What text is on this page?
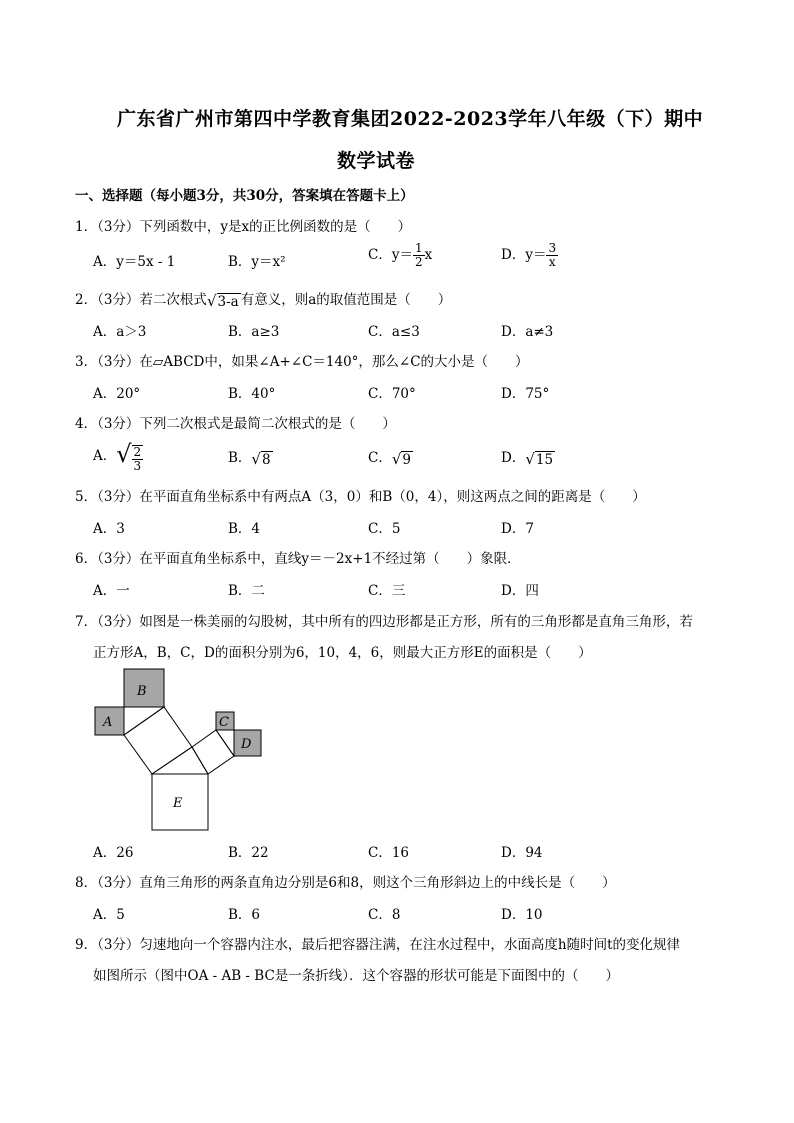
广东省广州市第四中学教育集团2022-2023学年八年级（下）期中
数学试卷
一、选择题（每小题3分，共30分，答案填在答题卡上）
1．（3分）下列函数中，y是x的正比例函数的是（　　）
A．y＝5x - 1	B．y＝x²	C．$y= \frac{1}{2}$ x	D．$y= \frac{3}{x}$
2．（3分）若二次根式√3-a 有意义，则a的取值范围是（　　）
A．a＞3	B．a≥3	C．a≤3	D．a≠3
3．（3分）在▱ABCD中，如果∠A+∠C＝140°，那么∠C的大小是（　　）
A．20°	B．40°	C．70°	D．75°
4．（3分）下列二次根式是最简二次根式的是（　　）
A．√ $\frac{2}{3}$	B．√8	C．√9	D．√15
5．（3分）在平面直角坐标系中有两点A（3，0）和B（0，4），则这两点之间的距离是（　　）
A．3	B．4	C．5	D．7
6．（3分）在平面直角坐标系中，直线y＝－2x+1不经过第（　　）象限．
A．一	B．二	C．三	D．四
7．（3分）如图是一株美丽的勾股树，其中所有的四边形都是正方形，所有的三角形都是直角三角形，若
正方形A，B，C，D的面积分别为6，10，4，6，则最大正方形E的面积是（　　）
B
A	C
D
E
A．26	B．22	C．16	D．94
8．（3分）直角三角形的两条直角边分别是6和8，则这个三角形斜边上的中线长是（　　）
A．5	B．6	C．8	D．10
9．（3分）匀速地向一个容器内注水，最后把容器注满，在注水过程中，水面高度h随时间t的变化规律
如图所示（图中OA - AB - BC是一条折线）．这个容器的形状可能是下面图中的（　　）
